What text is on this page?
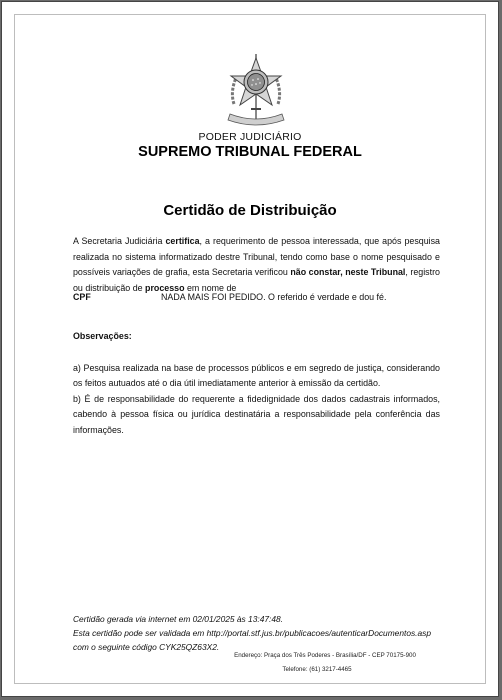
PODER JUDICIÁRIO
SUPREMO TRIBUNAL FEDERAL
Certidão de Distribuição
A Secretaria Judiciária certifica, a requerimento de pessoa interessada, que após pesquisa realizada no sistema informatizado destre Tribunal, tendo como base o nome pesquisado e possíveis variações de grafia, esta Secretaria verificou não constar, neste Tribunal, registro ou distribuição de processo em nome de
CPF	NADA MAIS FOI PEDIDO. O referido é verdade e dou fé.
Observações:

a) Pesquisa realizada na base de processos públicos e em segredo de justiça, considerando os feitos autuados até o dia útil imediatamente anterior à emissão da certidão.

b) É de responsabilidade do requerente a fidedignidade dos dados cadastrais informados, cabendo à pessoa física ou jurídica destinatária a responsabilidade pela conferência das informações.

Certidão gerada via internet em 02/01/2025 às 13:47:48.
Esta certidão pode ser validada em http://portal.stf.jus.br/publicacoes/autenticarDocumentos.asp
com o seguinte código CYK25QZ63X2.
Endereço: Praça dos Três Poderes - Brasília/DF - CEP 70175-900
Telefone: (61) 3217-4465
